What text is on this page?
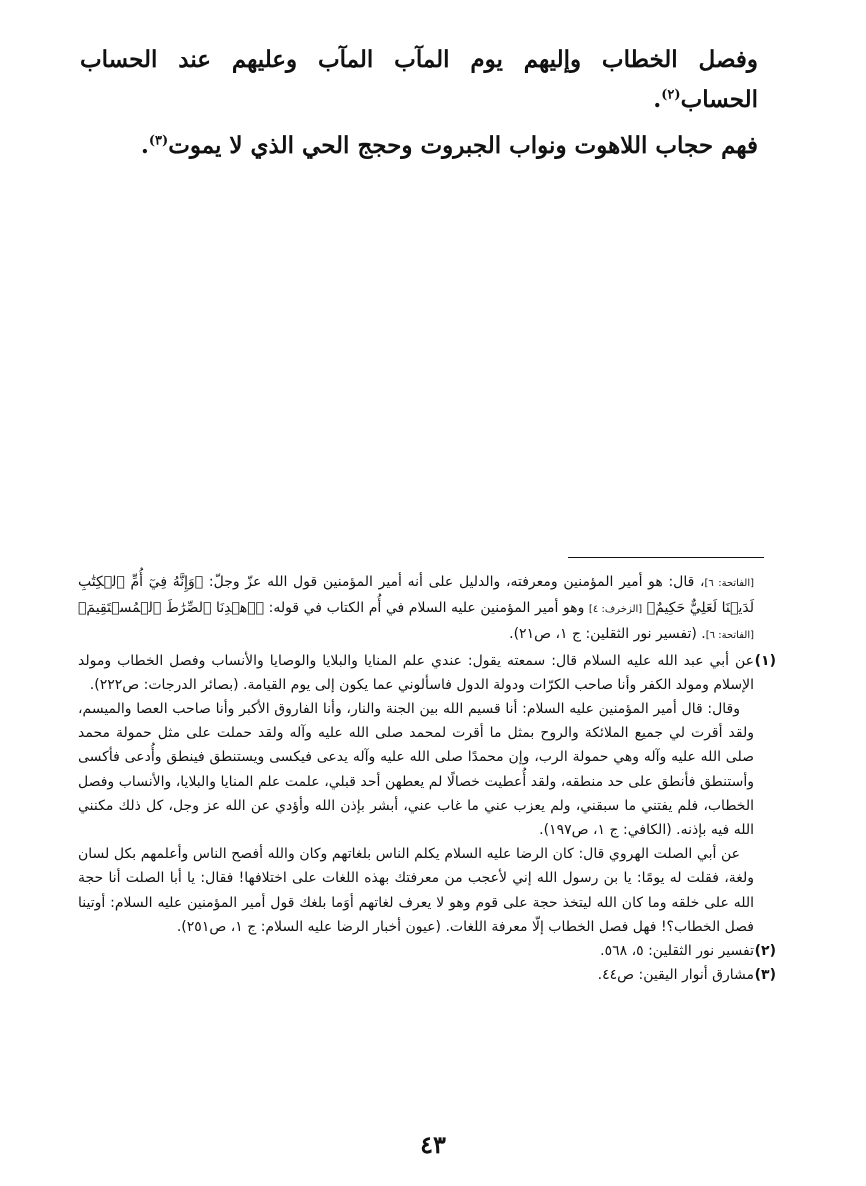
وفصل الخطاب وإليهم يوم المآب المآب وعليهم عند الحساب

الحساب$^{(٢)}$.

فهم حجاب اللاهوت ونواب الجبروت وحجج الحي الذي لا يموت$^{(٣)}$.

[الفاتحة: ٦]، قال: هو أمير المؤمنين ومعرفته، والدليل على أنه أمير المؤمنين قول الله عزّ وجلّ: ﴿وَإِنَّهُ فِيٓ أُمِّ ٱلۡكِتَٰبِ لَدَيۡنَا لَعَلِيٌّ حَكِيمٌ﴾ [الزخرف: ٤] وهو أمير المؤمنين عليه السلام في أُم الكتاب في قوله: ﴿ٱهۡدِنَا ٱلصِّرَٰطَ ٱلۡمُسۡتَقِيمَ﴾ [الفاتحة: ٦]. (تفسير نور الثقلين: ج ١، ص٢١).
(١)
عن أبي عبد الله عليه السلام قال: سمعته يقول: عندي علم المنايا والبلايا والوصايا والأنساب وفصل الخطاب ومولد الإسلام ومولد الكفر وأنا صاحب الكرّات ودولة الدول فاسألوني عما يكون إلى يوم القيامة. (بصائر الدرجات: ص٢٢٢).
وقال: قال أمير المؤمنين عليه السلام: أنا قسيم الله بين الجنة والنار، وأنا الفاروق الأكبر وأنا صاحب العصا والميسم، ولقد أقرت لي جميع الملائكة والروح بمثل ما أقرت لمحمد صلى الله عليه وآله ولقد حملت على مثل حمولة محمد صلى الله عليه وآله وهي حمولة الرب، وإن محمدًا صلى الله عليه وآله يدعى فيكسى ويستنطق فينطق وأُدعى فأكسى وأستنطق فأنطق على حد منطقه، ولقد أُعطيت خصالًا لم يعطهن أحد قبلي، علمت علم المنايا والبلايا، والأنساب وفصل الخطاب، فلم يفتني ما سبقني، ولم يعزب عني ما غاب عني، أبشر بإذن الله وأؤدي عن الله عز وجل، كل ذلك مكنني الله فيه بإذنه. (الكافي: ج ١، ص١٩٧).
عن أبي الصلت الهروي قال: كان الرضا عليه السلام يكلم الناس بلغاتهم وكان والله أفصح الناس وأعلمهم بكل لسان ولغة، فقلت له يومًا: يا بن رسول الله إني لأعجب من معرفتك بهذه اللغات على اختلافها! فقال: يا أبا الصلت أنا حجة الله على خلقه وما كان الله ليتخذ حجة على قوم وهو لا يعرف لغاتهم أوَما بلغك قول أمير المؤمنين عليه السلام: أوتينا فصل الخطاب؟! فهل فصل الخطاب إلّا معرفة اللغات. (عيون أخبار الرضا عليه السلام: ج ١، ص٢٥١).
(٢)
تفسير نور الثقلين: ٥، ٥٦٨.
(٣)
مشارق أنوار اليقين: ص٤٤.
٤٣
